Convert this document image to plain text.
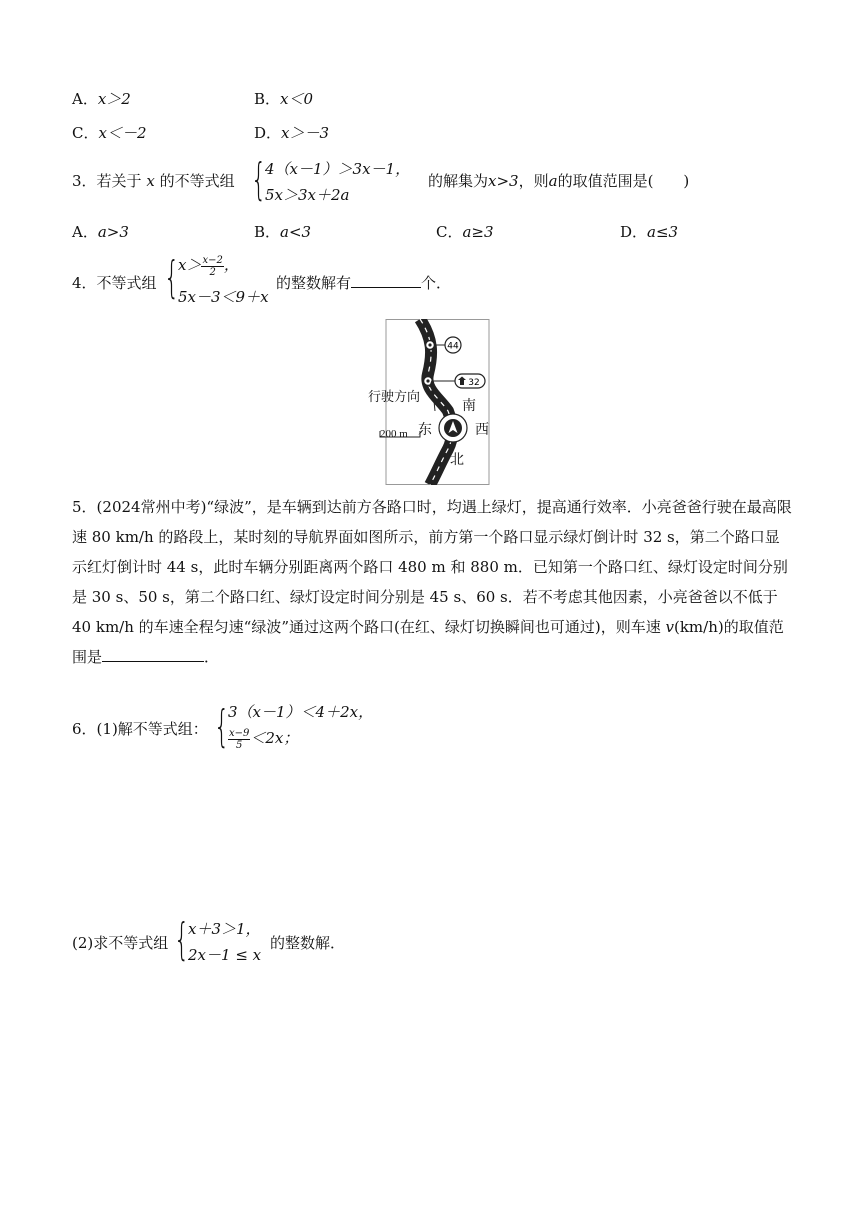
A．x＞2	B．x＜0
C．x＜－2	D．x＞－3
3．若关于 x 的不等式组 {
4（x－1）＞3x－1，
5x＞3x＋2a
的解集为x>3，则a的取值范围是(　　)
A．a>3	B．a<3	C．a≥3	D．a≤3
4．不等式组 {
$x> \frac{x-2}{2}$ ，
5x－3＜9＋x
的整数解有	个．
44
32
行驶方向
200 m
南
东	西
北
5．(2024常州中考)“绿波”，是车辆到达前方各路口时，均遇上绿灯，提高通行效率．小亮爸爸行驶在最高限速 80 km/h 的路段上，某时刻的导航界面如图所示，前方第一个路口显示绿灯倒计时 32 s，第二个路口显示红灯倒计时 44 s，此时车辆分别距离两个路口 480 m 和 880 m．已知第一个路口红、绿灯设定时间分别是 30 s、50 s，第二个路口红、绿灯设定时间分别是 45 s、60 s．若不考虑其他因素，小亮爸爸以不低于 40 km/h 的车速全程匀速“绿波”通过这两个路口(在红、绿灯切换瞬间也可通过)，则车速 v(km/h)的取值范围是	．
6．(1)解不等式组： {
3（x－1）＜4＋2x，
$\frac{x-9}{5} <2x$；
(2)求不等式组 {
x＋3＞1，
2x－1 ≤ x
的整数解．
